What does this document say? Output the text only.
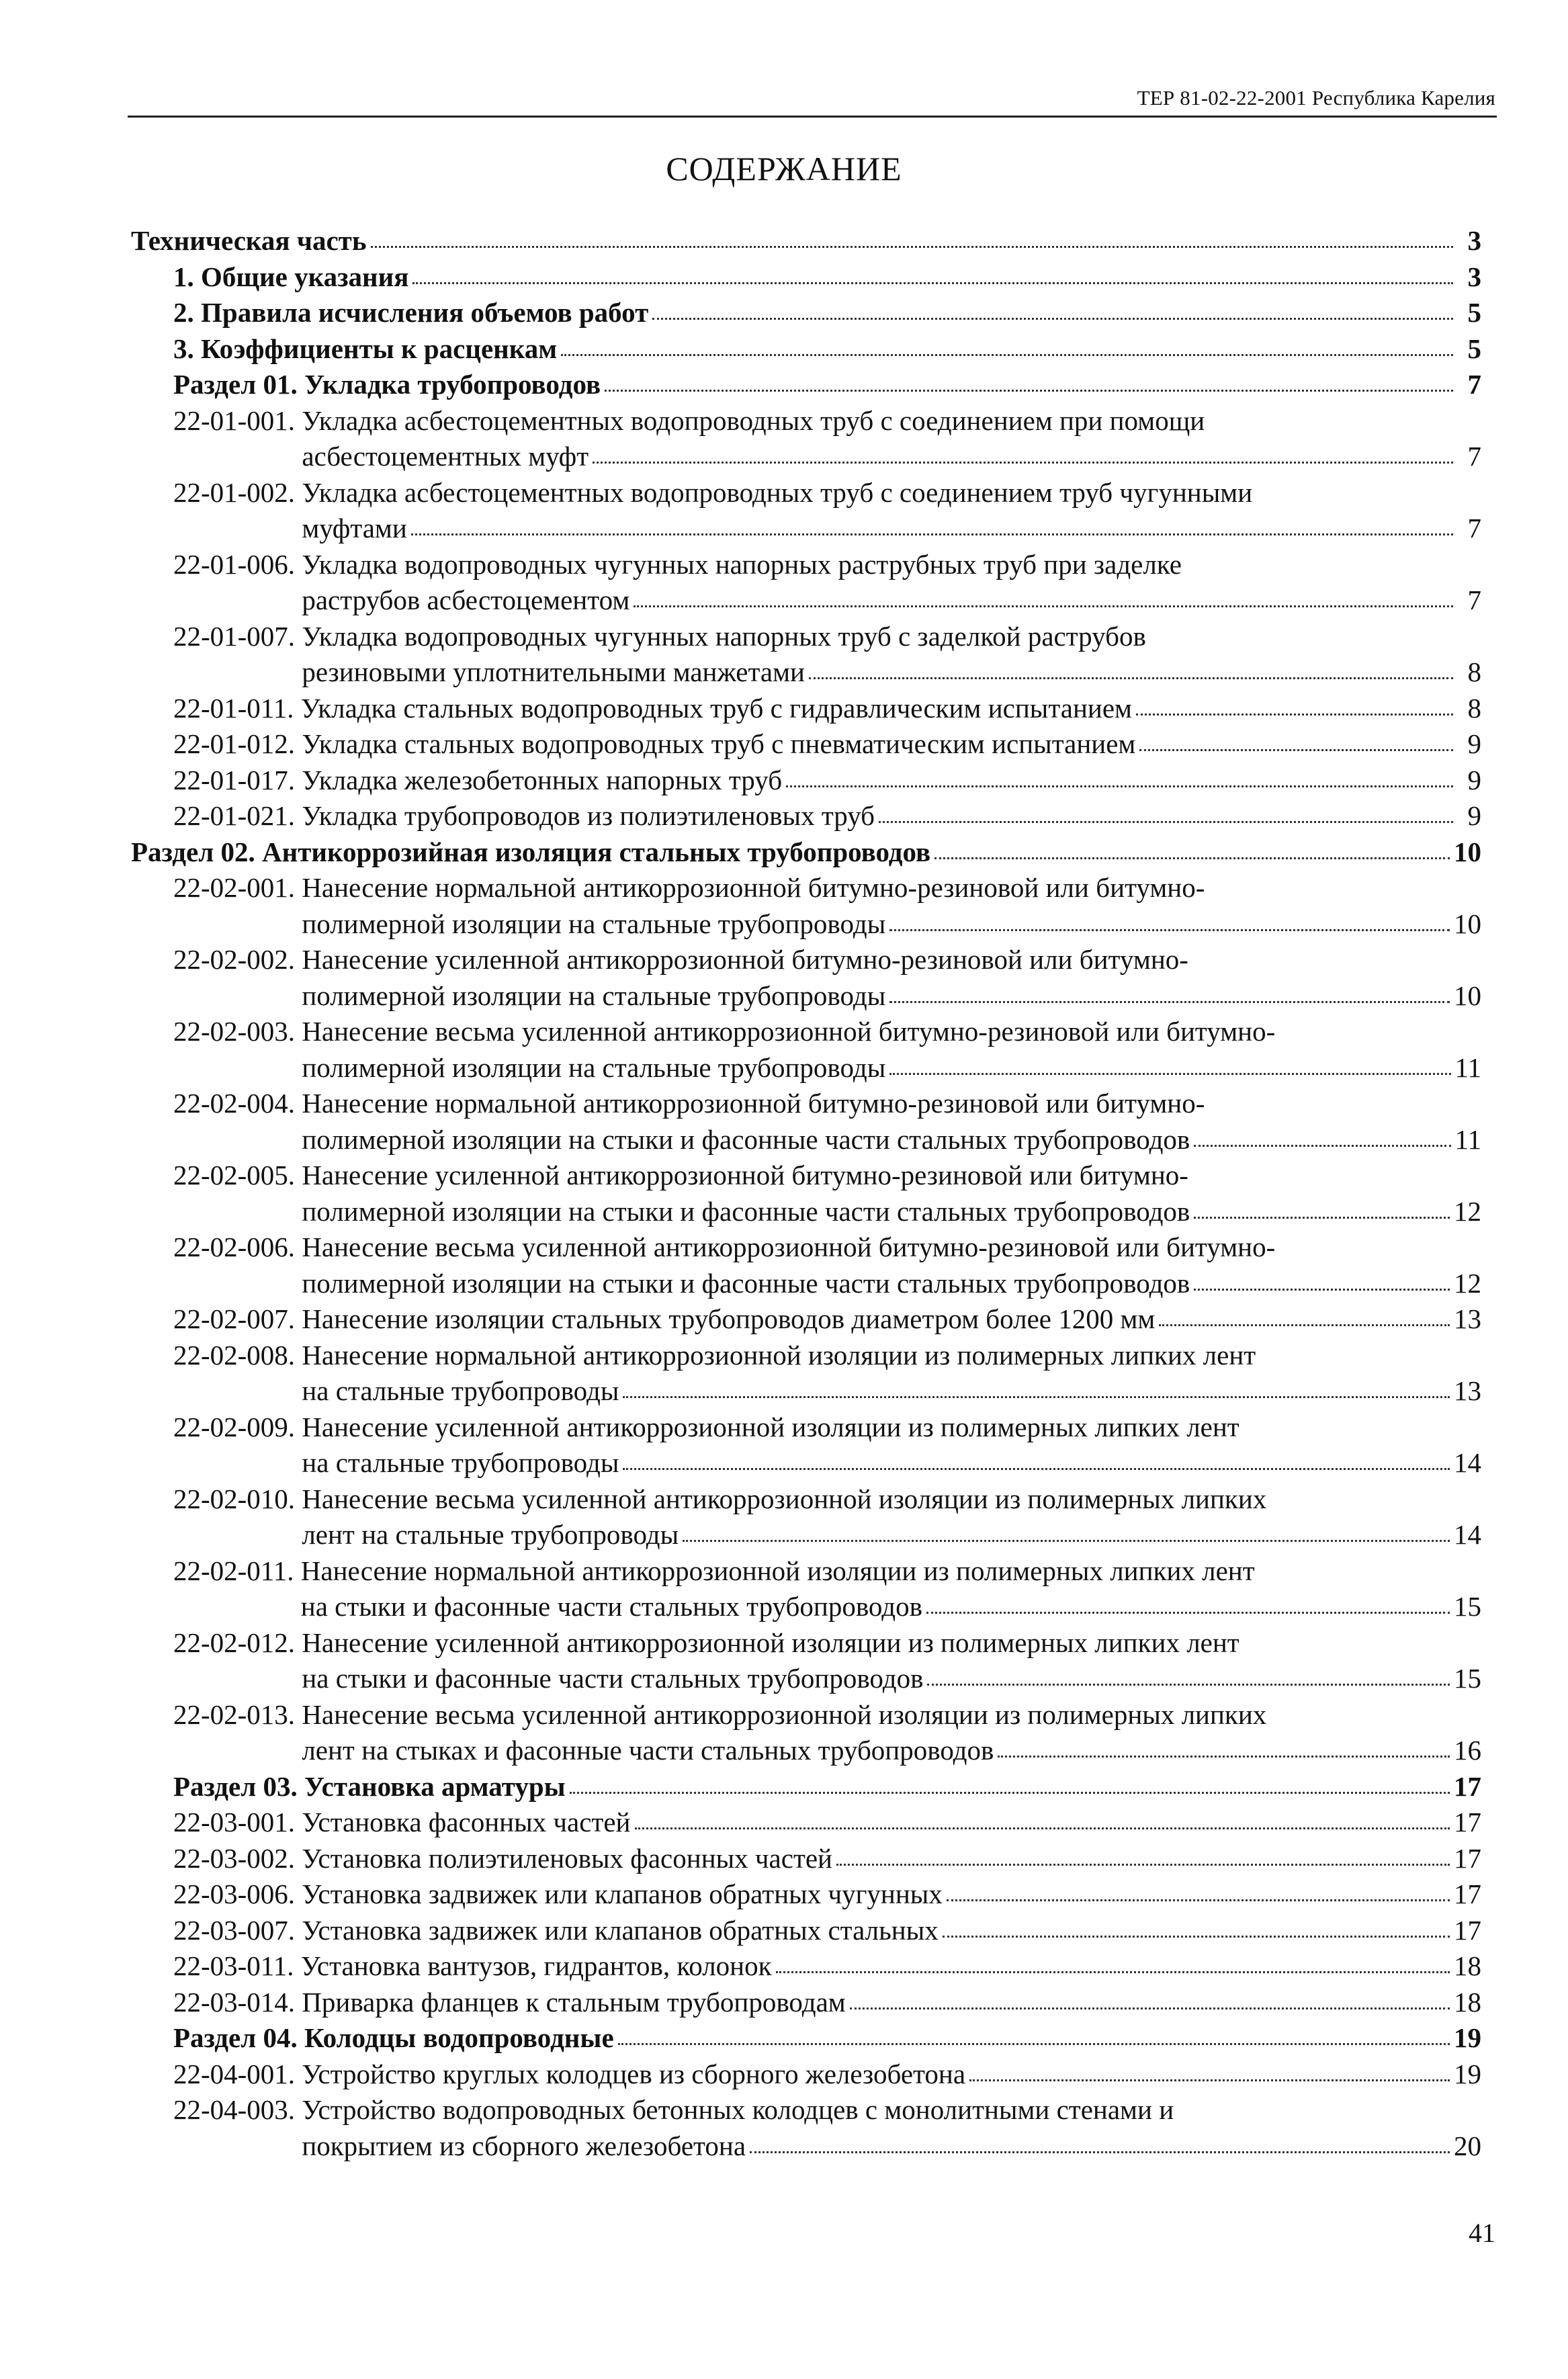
ТЕР 81-02-22-2001 Республика Карелия
СОДЕРЖАНИЕ
Техническая часть	3
1. Общие указания	3
2. Правила исчисления объемов работ	5
3. Коэффициенты к расценкам	5
Раздел 01. Укладка трубопроводов	7
22-01-001. Укладка асбестоцементных водопроводных труб с соединением при помощи
асбестоцементных муфт	7
22-01-002. Укладка асбестоцементных водопроводных труб с соединением труб чугунными
муфтами	7
22-01-006. Укладка водопроводных чугунных напорных раструбных труб при заделке
раструбов асбестоцементом	7
22-01-007. Укладка водопроводных чугунных напорных труб с заделкой раструбов
резиновыми уплотнительными манжетами	8
22-01-011. Укладка стальных водопроводных труб с гидравлическим испытанием	8
22-01-012. Укладка стальных водопроводных труб с пневматическим испытанием	9
22-01-017. Укладка железобетонных напорных труб	9
22-01-021. Укладка трубопроводов из полиэтиленовых труб	9
Раздел 02. Антикоррозийная изоляция стальных трубопроводов	10
22-02-001. Нанесение нормальной антикоррозионной битумно-резиновой или битумно-
полимерной изоляции на стальные трубопроводы	10
22-02-002. Нанесение усиленной антикоррозионной битумно-резиновой или битумно-
полимерной изоляции на стальные трубопроводы	10
22-02-003. Нанесение весьма усиленной антикоррозионной битумно-резиновой или битумно-
полимерной изоляции на стальные трубопроводы	11
22-02-004. Нанесение нормальной антикоррозионной битумно-резиновой или битумно-
полимерной изоляции на стыки и фасонные части стальных трубопроводов	11
22-02-005. Нанесение усиленной антикоррозионной битумно-резиновой или битумно-
полимерной изоляции на стыки и фасонные части стальных трубопроводов	12
22-02-006. Нанесение весьма усиленной антикоррозионной битумно-резиновой или битумно-
полимерной изоляции на стыки и фасонные части стальных трубопроводов	12
22-02-007. Нанесение изоляции стальных трубопроводов диаметром более 1200 мм	13
22-02-008. Нанесение нормальной антикоррозионной изоляции из полимерных липких лент
на стальные трубопроводы	13
22-02-009. Нанесение усиленной антикоррозионной изоляции из полимерных липких лент
на стальные трубопроводы	14
22-02-010. Нанесение весьма усиленной антикоррозионной изоляции из полимерных липких
лент на стальные трубопроводы	14
22-02-011. Нанесение нормальной антикоррозионной изоляции из полимерных липких лент
на стыки и фасонные части стальных трубопроводов	15
22-02-012. Нанесение усиленной антикоррозионной изоляции из полимерных липких лент
на стыки и фасонные части стальных трубопроводов	15
22-02-013. Нанесение весьма усиленной антикоррозионной изоляции из полимерных липких
лент на стыках и фасонные части стальных трубопроводов	16
Раздел 03. Установка арматуры	17
22-03-001. Установка фасонных частей	17
22-03-002. Установка полиэтиленовых фасонных частей	17
22-03-006. Установка задвижек или клапанов обратных чугунных	17
22-03-007. Установка задвижек или клапанов обратных стальных	17
22-03-011. Установка вантузов, гидрантов, колонок	18
22-03-014. Приварка фланцев к стальным трубопроводам	18
Раздел 04. Колодцы водопроводные	19
22-04-001. Устройство круглых колодцев из сборного железобетона	19
22-04-003. Устройство водопроводных бетонных колодцев с монолитными стенами и
покрытием из сборного железобетона	20
41
